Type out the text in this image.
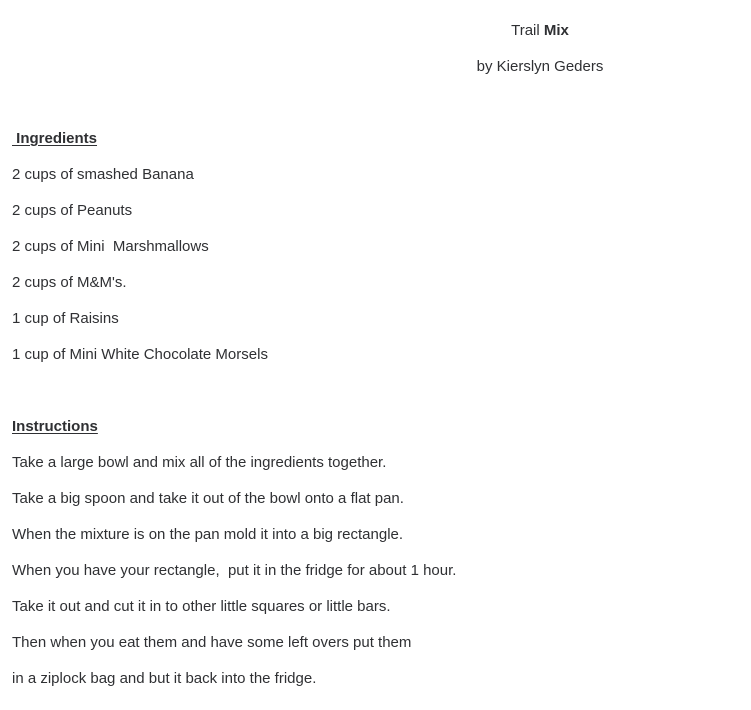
Trail Mix
by Kierslyn Geders
Ingredients
2 cups of smashed Banana
2 cups of Peanuts
2 cups of Mini  Marshmallows
2 cups of M&M's.
1 cup of Raisins
1 cup of Mini White Chocolate Morsels
Instructions
Take a large bowl and mix all of the ingredients together.
Take a big spoon and take it out of the bowl onto a flat pan.
When the mixture is on the pan mold it into a big rectangle.
When you have your rectangle,  put it in the fridge for about 1 hour.
Take it out and cut it in to other little squares or little bars.
Then when you eat them and have some left overs put them
in a ziplock bag and but it back into the fridge.
